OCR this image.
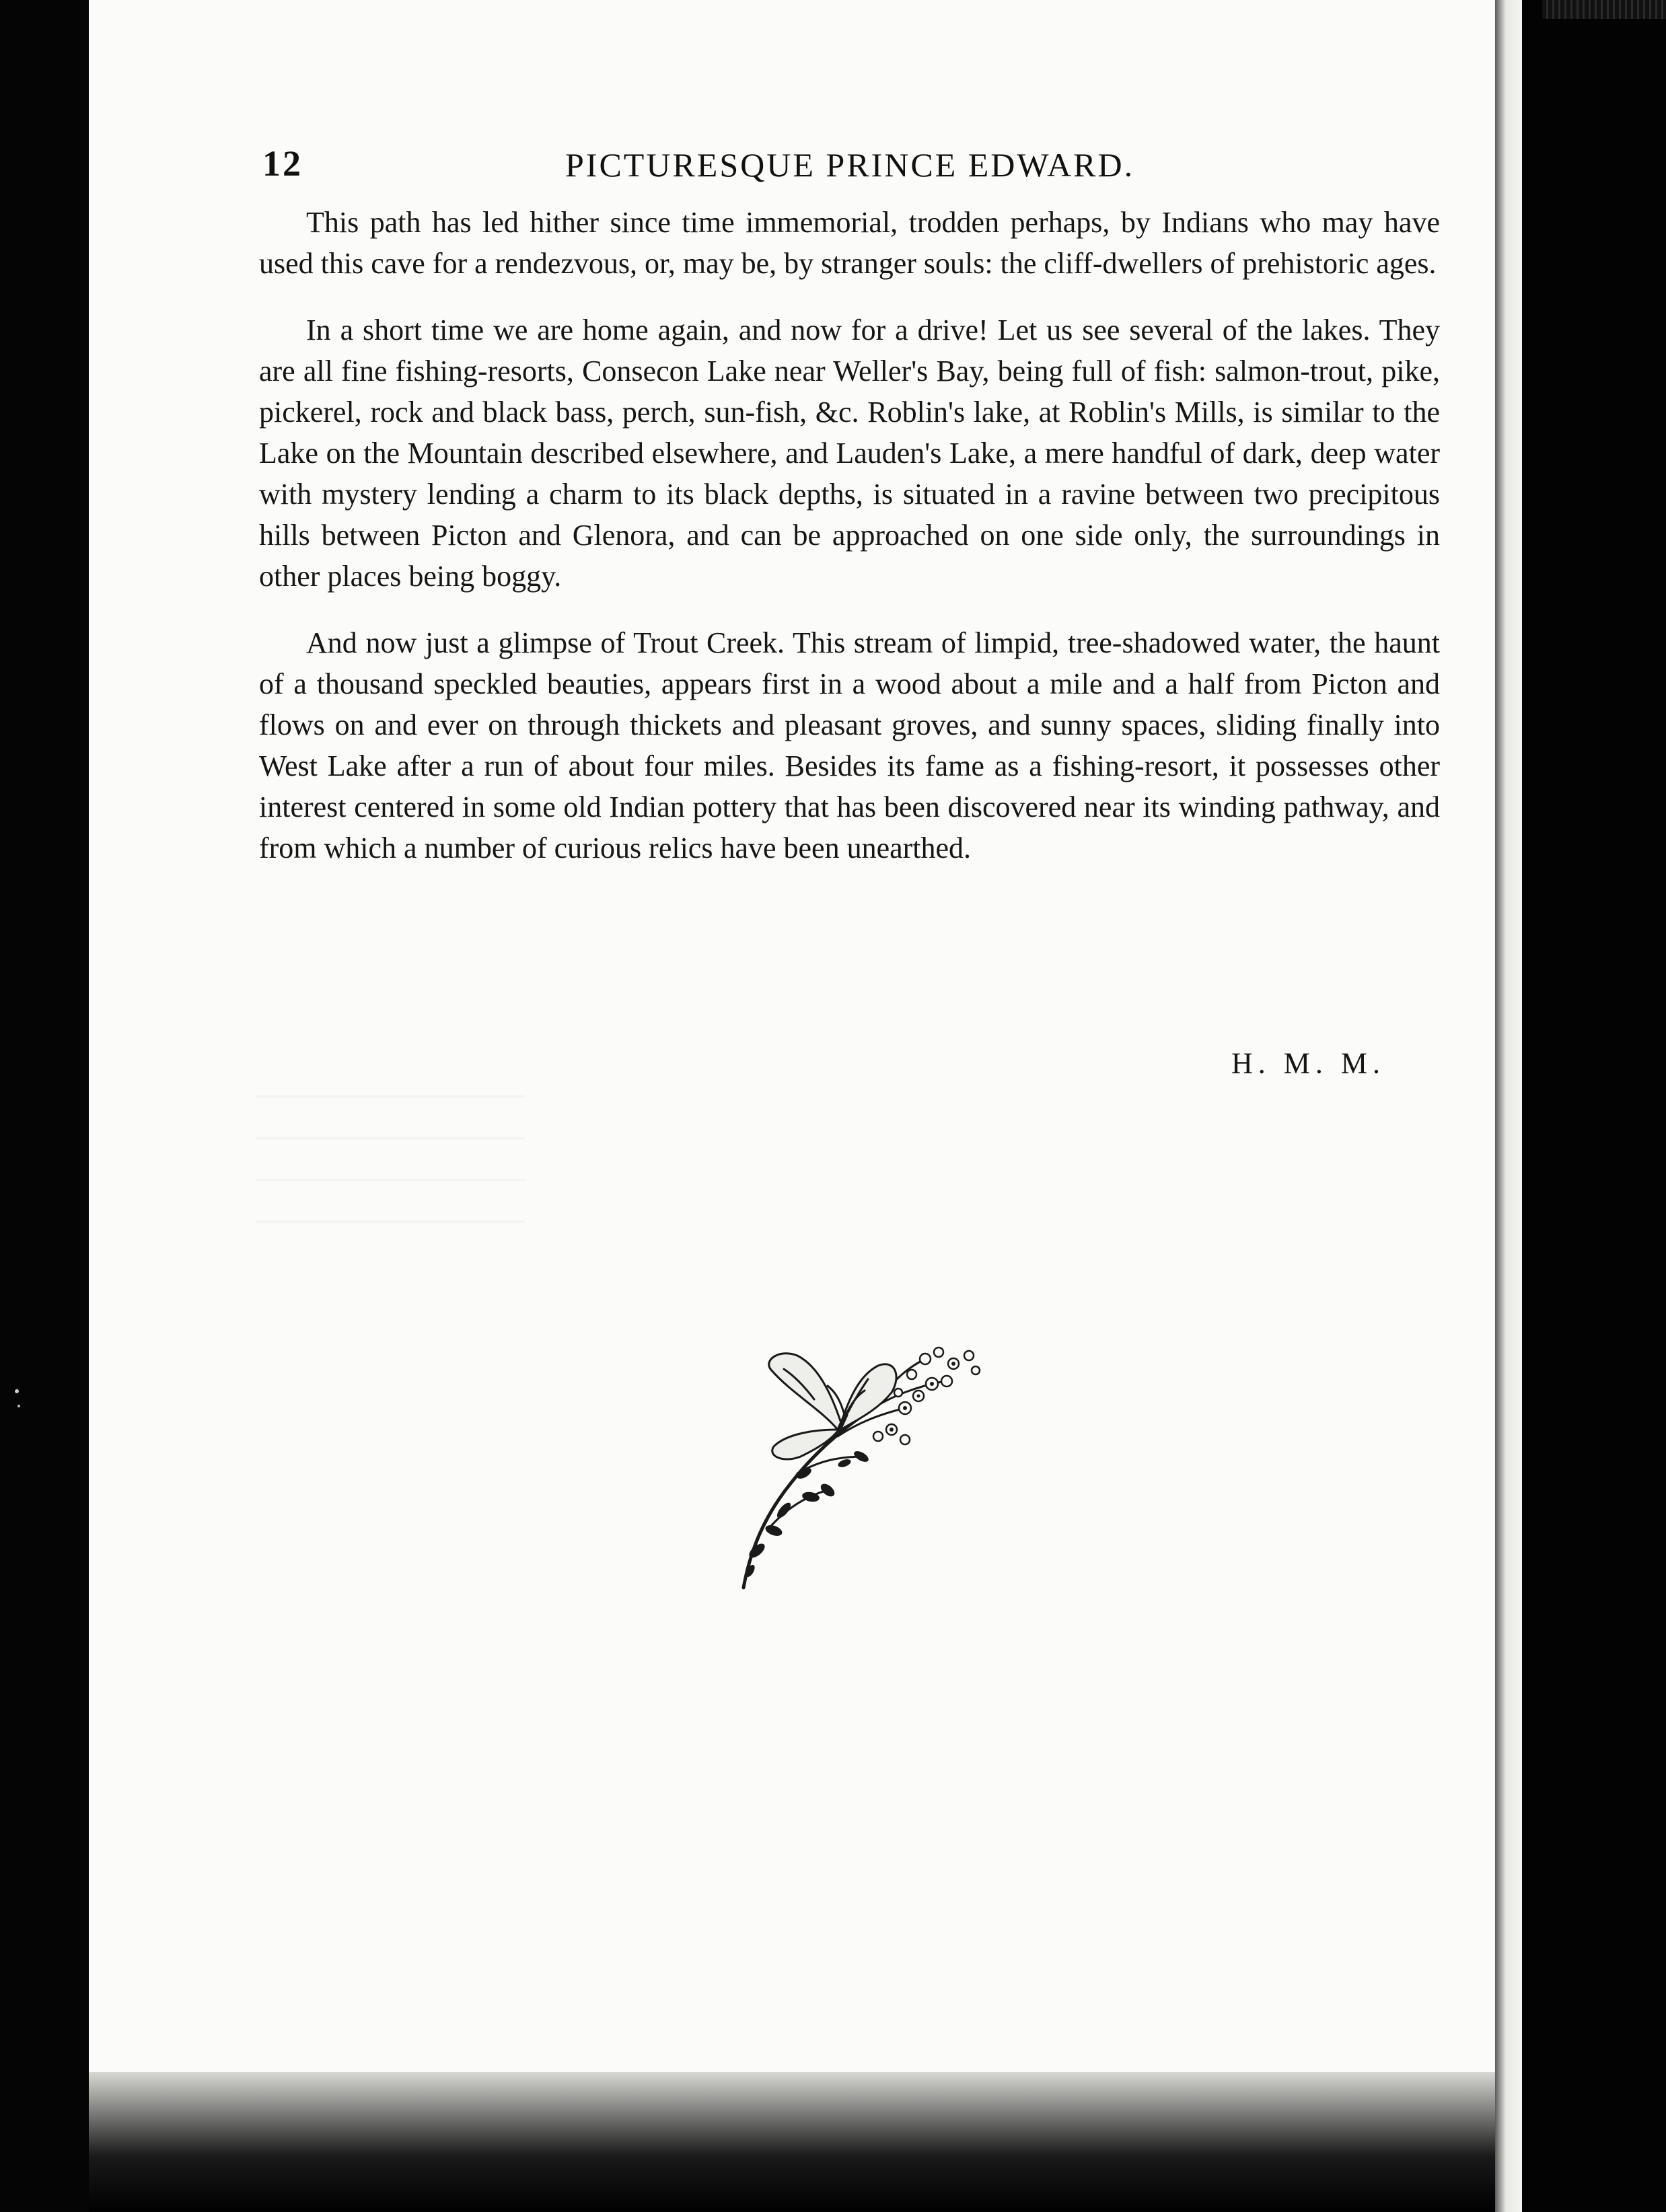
12	PICTURESQUE PRINCE EDWARD.

This path has led hither since time immemorial, trodden perhaps, by Indians who may have used this cave for a rendezvous, or, may be, by stranger souls: the cliff-dwellers of prehistoric ages.

In a short time we are home again, and now for a drive! Let us see several of the lakes. They are all fine fishing-resorts, Consecon Lake near Weller's Bay, being full of fish: salmon-trout, pike, pickerel, rock and black bass, perch, sun-fish, &c. Roblin's lake, at Roblin's Mills, is similar to the Lake on the Mountain described elsewhere, and Lauden's Lake, a mere handful of dark, deep water with mystery lending a charm to its black depths, is situated in a ravine between two precipitous hills between Picton and Glenora, and can be approached on one side only, the surroundings in other places being boggy.

And now just a glimpse of Trout Creek. This stream of limpid, tree-shadowed water, the haunt of a thousand speckled beauties, appears first in a wood about a mile and a half from Picton and flows on and ever on through thickets and pleasant groves, and sunny spaces, sliding finally into West Lake after a run of about four miles. Besides its fame as a fishing-resort, it possesses other interest centered in some old Indian pottery that has been discovered near its winding pathway, and from which a number of curious relics have been unearthed.

H. M. M.
